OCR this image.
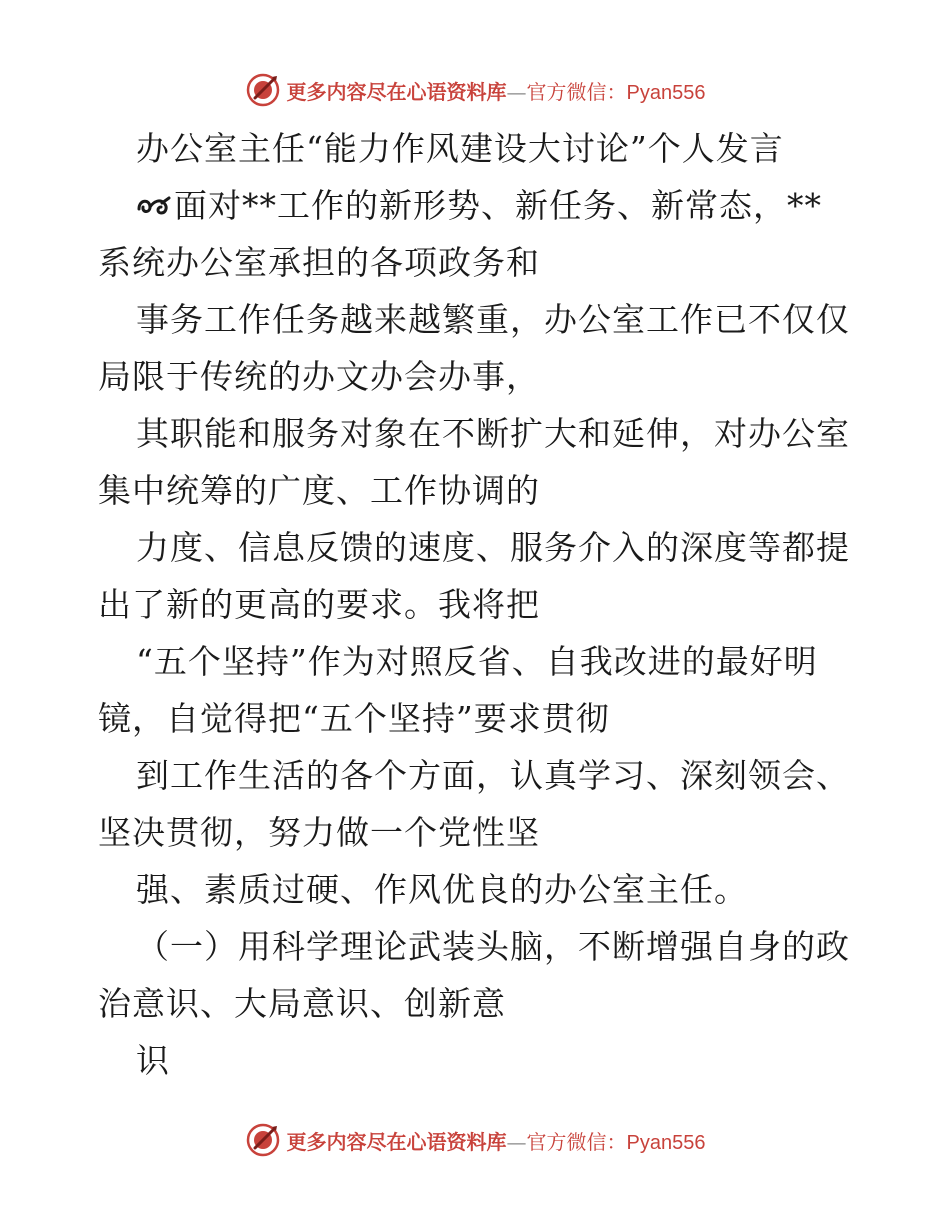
更多内容尽在心语资料库—官方微信：Pyan556
办公室主任“能力作风建设大讨论”个人发言
面对**工作的新形势、新任务、新常态，**
系统办公室承担的各项政务和
事务工作任务越来越繁重，办公室工作已不仅仅
局限于传统的办文办会办事，
其职能和服务对象在不断扩大和延伸，对办公室
集中统筹的广度、工作协调的
力度、信息反馈的速度、服务介入的深度等都提
出了新的更高的要求。我将把
“五个坚持”作为对照反省、自我改进的最好明
镜，自觉得把“五个坚持”要求贯彻
到工作生活的各个方面，认真学习、深刻领会、
坚决贯彻，努力做一个党性坚
强、素质过硬、作风优良的办公室主任。
（一）用科学理论武装头脑，不断增强自身的政
治意识、大局意识、创新意
识
更多内容尽在心语资料库—官方微信：Pyan556
